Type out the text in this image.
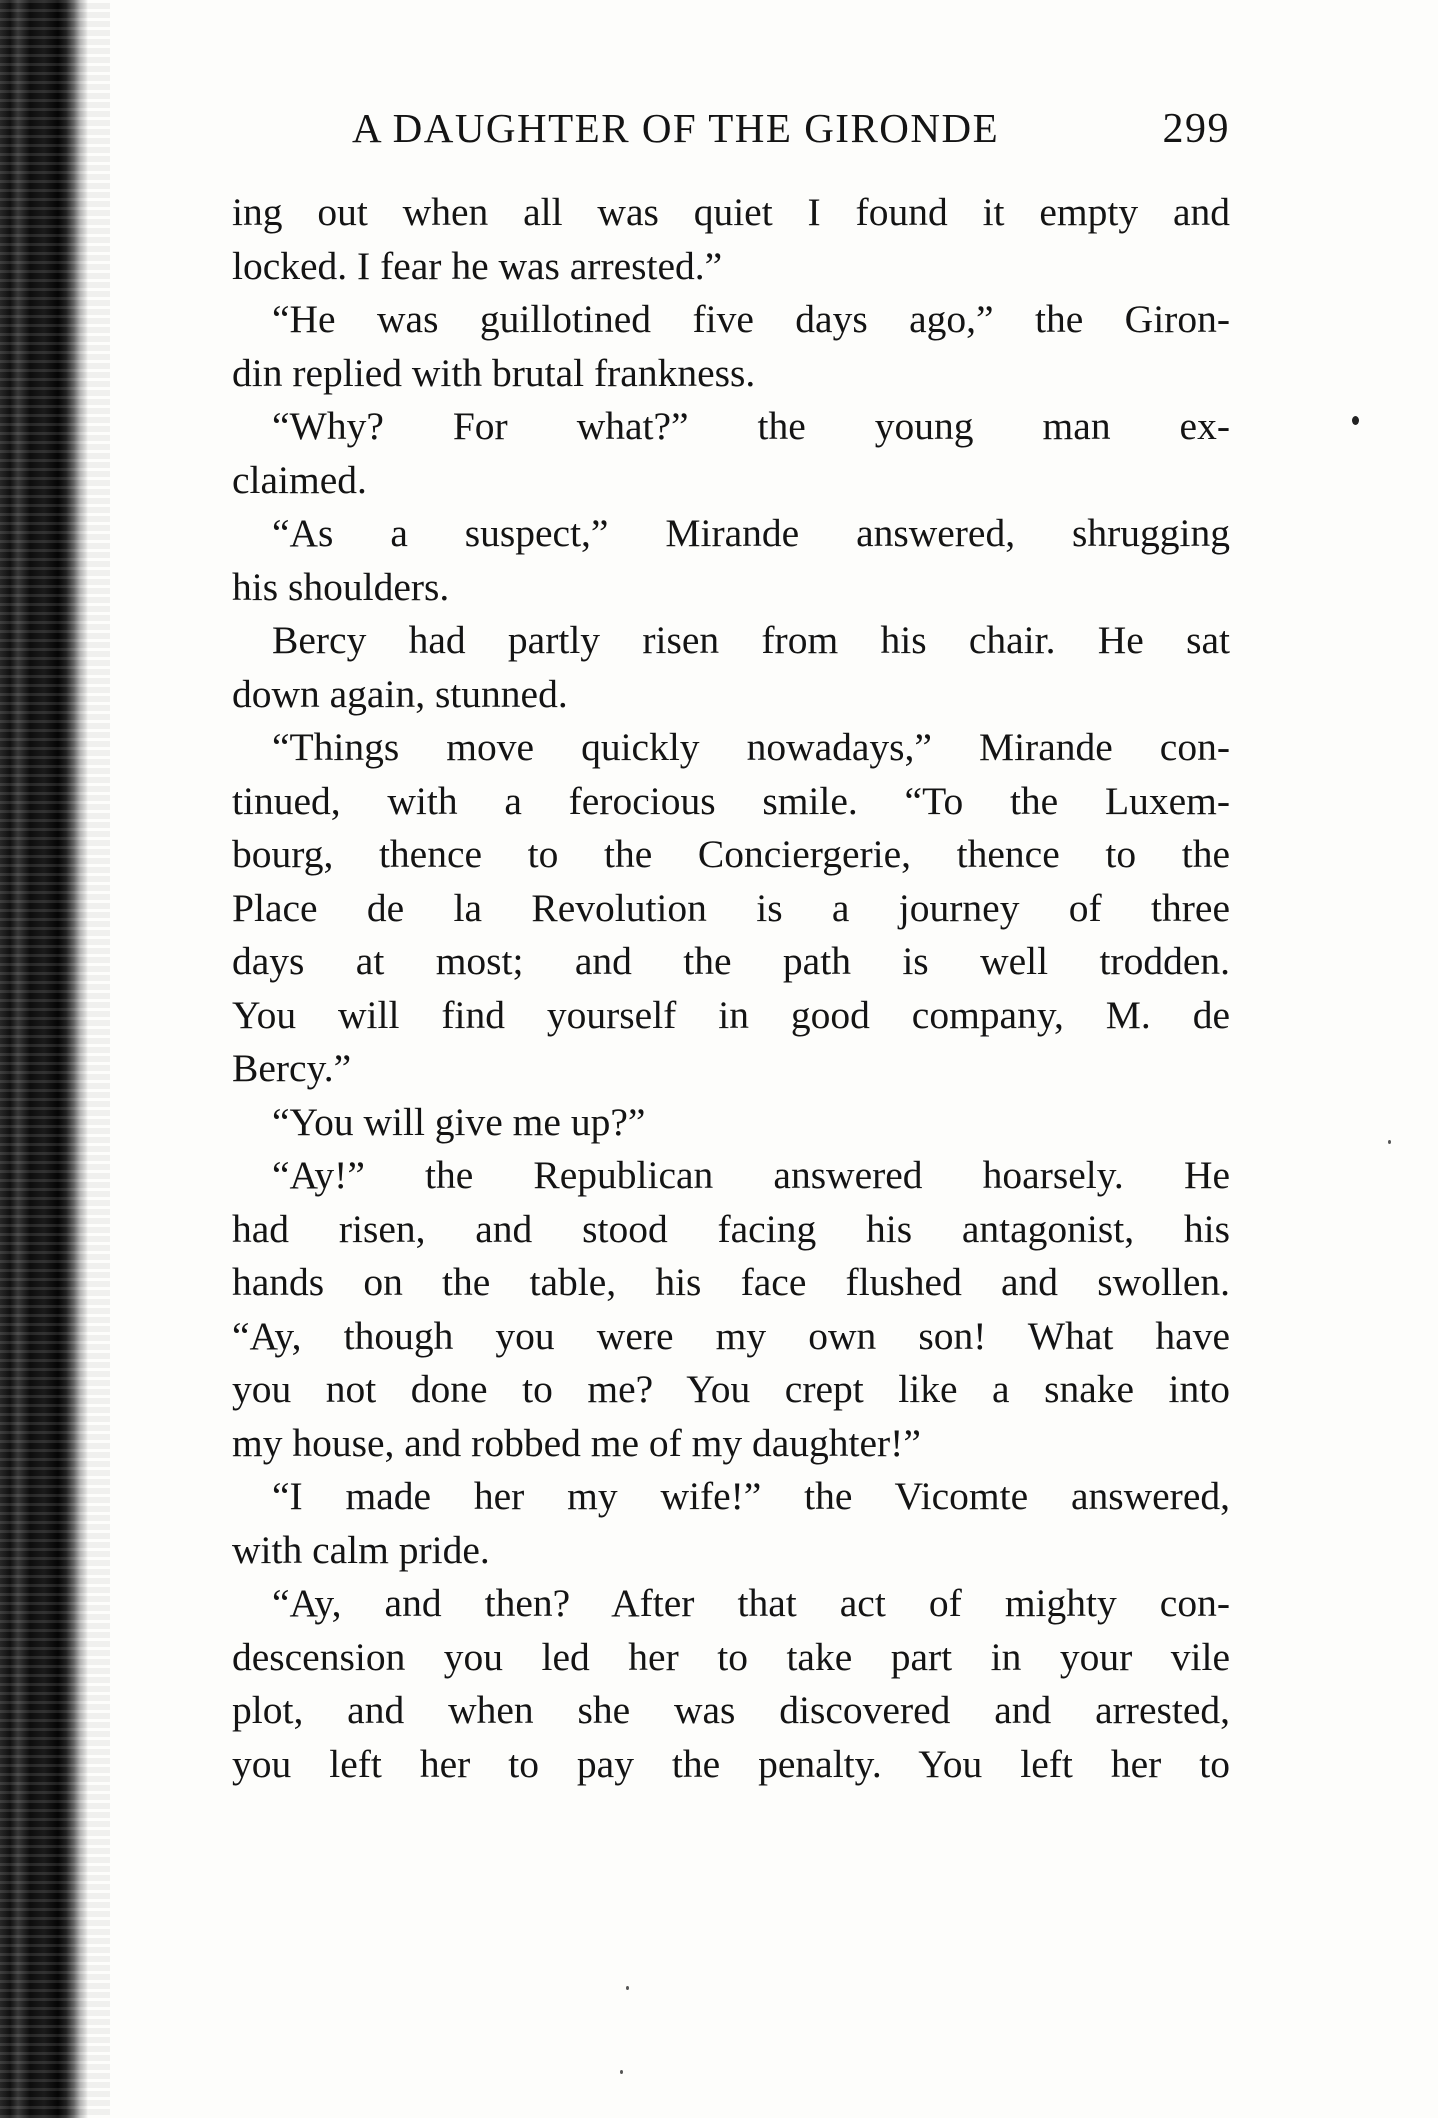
A DAUGHTER OF THE GIRONDE	299
ing out when all was quiet I found it empty and
locked. I fear he was arrested.”
“He was guillotined five days ago,” the Giron-
din replied with brutal frankness.
“Why? For what?” the young man ex-
claimed.
“As a suspect,” Mirande answered, shrugging
his shoulders.
Bercy had partly risen from his chair. He sat
down again, stunned.
“Things move quickly nowadays,” Mirande con-
tinued, with a ferocious smile. “To the Luxem-
bourg, thence to the Conciergerie, thence to the
Place de la Revolution is a journey of three
days at most; and the path is well trodden.
You will find yourself in good company, M. de
Bercy.”
“You will give me up?”
“Ay!” the Republican answered hoarsely. He
had risen, and stood facing his antagonist, his
hands on the table, his face flushed and swollen.
“Ay, though you were my own son! What have
you not done to me? You crept like a snake into
my house, and robbed me of my daughter!”
“I made her my wife!” the Vicomte answered,
with calm pride.
“Ay, and then? After that act of mighty con-
descension you led her to take part in your vile
plot, and when she was discovered and arrested,
you left her to pay the penalty. You left her to
